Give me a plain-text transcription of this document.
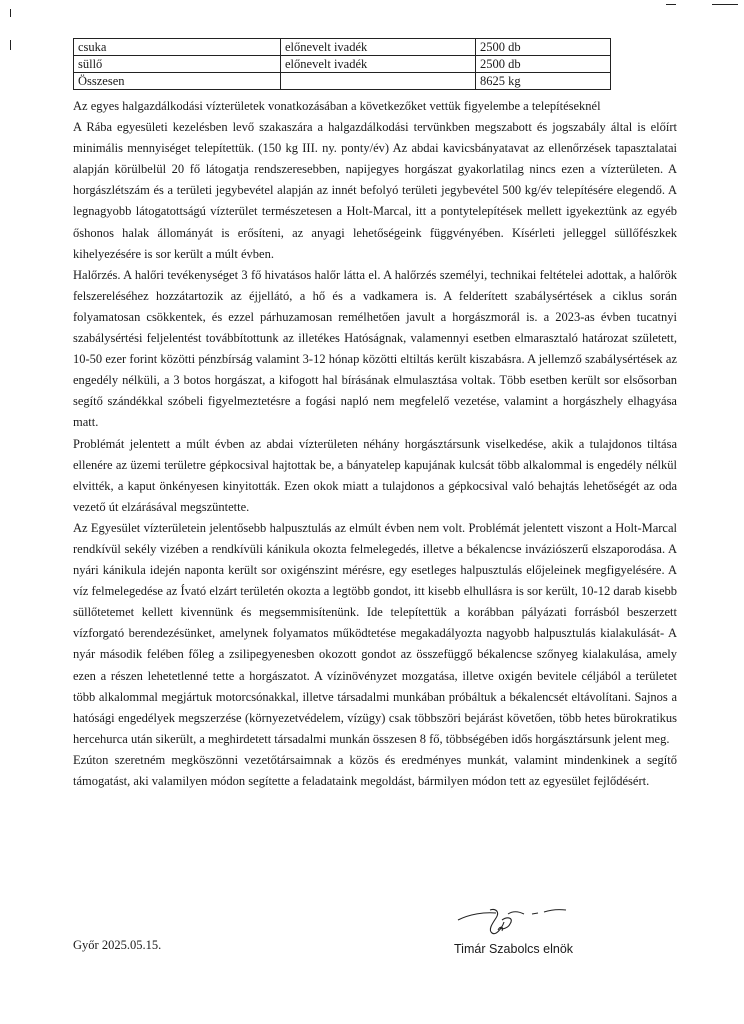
csuka	előnevelt ivadék	2500 db
süllő	előnevelt ivadék	2500 db
Összesen		8625 kg

Az egyes halgazdálkodási vízterületek vonatkozásában a következőket vettük figyelembe a telepítéseknél

A Rába egyesületi kezelésben levő szakaszára a halgazdálkodási tervünkben megszabott és jogszabály által is előírt minimális mennyiséget telepítettük. (150 kg III. ny. ponty/év) Az abdai kavicsbányatavat az ellenőrzések tapasztalatai alapján körülbelül 20 fő látogatja rendszeresebben, napijegyes horgászat gyakorlatilag nincs ezen a vízterületen. A horgászlétszám és a területi jegybevétel alapján az innét befolyó területi jegybevétel 500 kg/év telepítésére elegendő. A legnagyobb látogatottságú vízterület természetesen a Holt-Marcal, itt a pontytelepítések mellett igyekeztünk az egyéb őshonos halak állományát is erősíteni, az anyagi lehetőségeink függvényében. Kísérleti jelleggel süllőfészkek kihelyezésére is sor került a múlt évben.

Halőrzés. A halőri tevékenységet 3 fő hivatásos halőr látta el. A halőrzés személyi, technikai feltételei adottak, a halőrök felszereléséhez hozzátartozik az éjjellátó, a hő és a vadkamera is. A felderített szabálysértések a ciklus során folyamatosan csökkentek, és ezzel párhuzamosan remélhetően javult a horgászmorál is. a 2023-as évben tucatnyi szabálysértési feljelentést továbbítottunk az illetékes Hatóságnak, valamennyi esetben elmarasztaló határozat született, 10-50 ezer forint közötti pénzbírság valamint 3-12 hónap közötti eltiltás került kiszabásra. A jellemző szabálysértések az engedély nélküli, a 3 botos horgászat, a kifogott hal bírásának elmulasztása voltak. Több esetben került sor elsősorban segítő szándékkal szóbeli figyelmeztetésre a fogási napló nem megfelelő vezetése, valamint a horgászhely elhagyása matt.

Problémát jelentett a múlt évben az abdai vízterületen néhány horgásztársunk viselkedése, akik a tulajdonos tiltása ellenére az üzemi területre gépkocsival hajtottak be, a bányatelep kapujának kulcsát több alkalommal is engedély nélkül elvitték, a kaput önkényesen kinyitották. Ezen okok miatt a tulajdonos a gépkocsival való behajtás lehetőségét az oda vezető út elzárásával megszüntette.

Az Egyesület vízterületein jelentősebb halpusztulás az elmúlt évben nem volt. Problémát jelentett viszont a Holt-Marcal rendkívül sekély vizében a rendkívüli kánikula okozta felmelegedés, illetve a békalencse inváziószerű elszaporodása. A nyári kánikula idején naponta került sor oxigénszint mérésre, egy esetleges halpusztulás előjeleinek megfigyelésére. A víz felmelegedése az Ívató elzárt területén okozta a legtöbb gondot, itt kisebb elhullásra is sor került, 10-12 darab kisebb süllőtetemet kellett kivennünk és megsemmisítenünk. Ide telepítettük a korábban pályázati forrásból beszerzett vízforgató berendezésünket, amelynek folyamatos működtetése megakadályozta nagyobb halpusztulás kialakulását- A nyár második felében főleg a zsilipegyenesben okozott gondot az összefüggő békalencse szőnyeg kialakulása, amely ezen a részen lehetetlenné tette a horgászatot. A vízinövényzet mozgatása, illetve oxigén bevitele céljából a területet több alkalommal megjártuk motorcsónakkal, illetve társadalmi munkában próbáltuk a békalencsét eltávolítani. Sajnos a hatósági engedélyek megszerzése (környezetvédelem, vízügy) csak többszöri bejárást követően, több hetes bürokratikus hercehurca után sikerült, a meghirdetett társadalmi munkán összesen 8 fő, többségében idős horgásztársunk jelent meg.

Ezúton szeretném megköszönni vezetőtársaimnak a közös és eredményes munkát, valamint mindenkinek a segítő támogatást, aki valamilyen módon segítette a feladataink megoldást, bármilyen módon tett az egyesület fejlődésért.

Győr 2025.05.15.	Timár Szabolcs elnök
